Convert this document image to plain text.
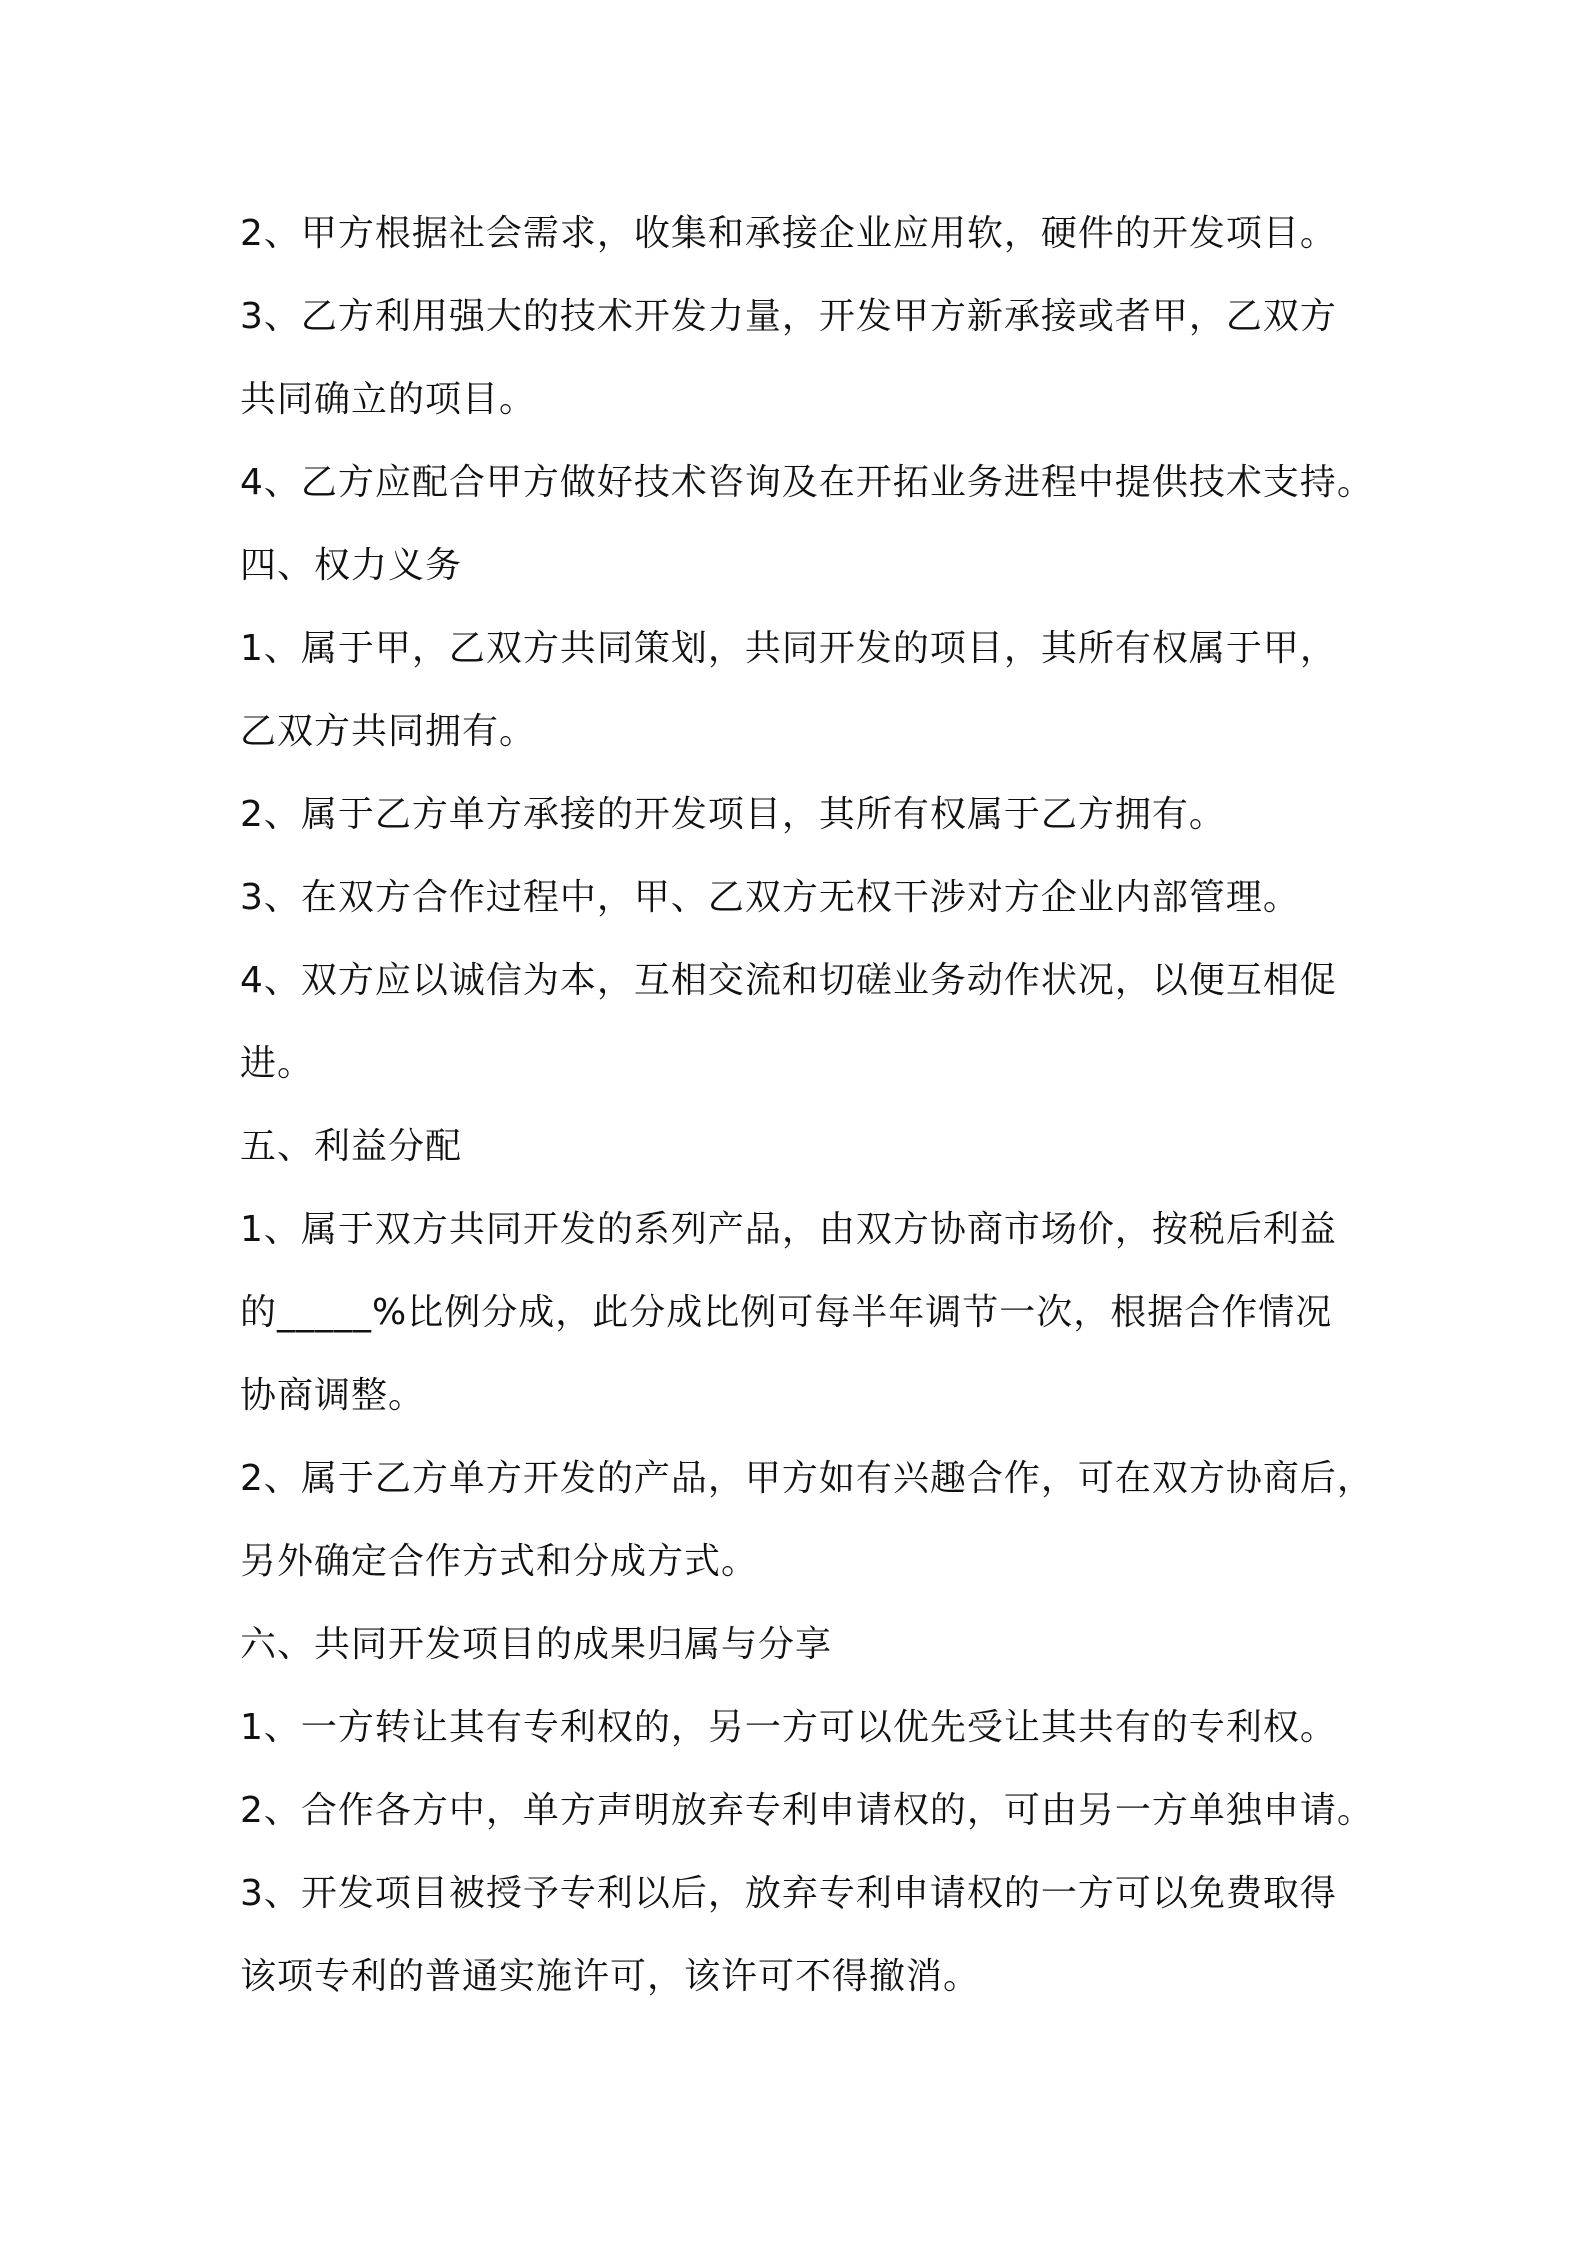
2、甲方根据社会需求，收集和承接企业应用软，硬件的开发项目。
3、乙方利用强大的技术开发力量，开发甲方新承接或者甲，乙双方
共同确立的项目。
4、乙方应配合甲方做好技术咨询及在开拓业务进程中提供技术支持。
四、权力义务
1、属于甲，乙双方共同策划，共同开发的项目，其所有权属于甲，
乙双方共同拥有。
2、属于乙方单方承接的开发项目，其所有权属于乙方拥有。
3、在双方合作过程中，甲、乙双方无权干涉对方企业内部管理。
4、双方应以诚信为本，互相交流和切磋业务动作状况，以便互相促
进。
五、利益分配
1、属于双方共同开发的系列产品，由双方协商市场价，按税后利益
的_____%比例分成，此分成比例可每半年调节一次，根据合作情况
协商调整。
2、属于乙方单方开发的产品，甲方如有兴趣合作，可在双方协商后，
另外确定合作方式和分成方式。
六、共同开发项目的成果归属与分享
1、一方转让其有专利权的，另一方可以优先受让其共有的专利权。
2、合作各方中，单方声明放弃专利申请权的，可由另一方单独申请。
3、开发项目被授予专利以后，放弃专利申请权的一方可以免费取得
该项专利的普通实施许可，该许可不得撤消。
